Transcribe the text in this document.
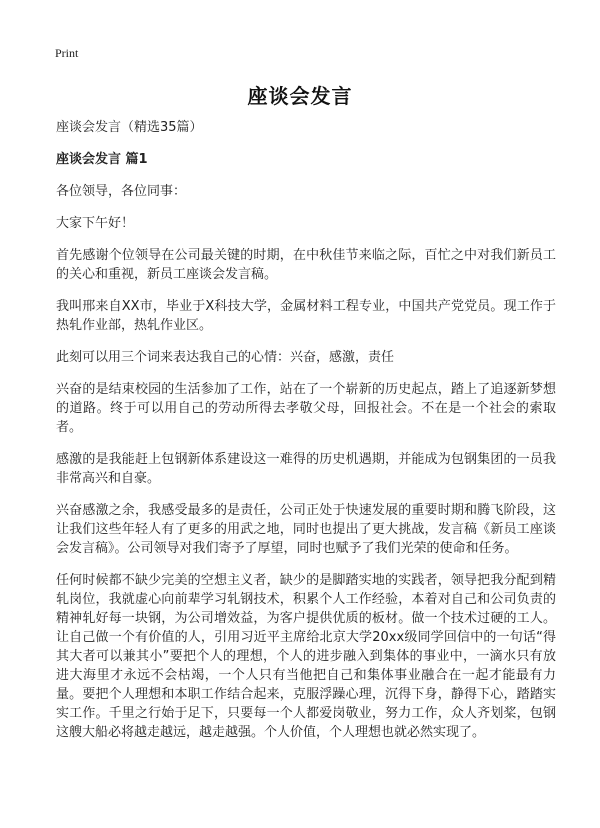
Print
座谈会发言

座谈会发言（精选35篇）

座谈会发言 篇1

各位领导，各位同事：

大家下午好！

首先感谢个位领导在公司最关键的时期，在中秋佳节来临之际，百忙之中对我们新员工的关心和重视，新员工座谈会发言稿。

我叫邢来自XX市，毕业于X科技大学，金属材料工程专业，中国共产党党员。现工作于热轧作业部，热轧作业区。

此刻可以用三个词来表达我自己的心情：兴奋，感激，责任

兴奋的是结束校园的生活参加了工作，站在了一个崭新的历史起点，踏上了追逐新梦想的道路。终于可以用自己的劳动所得去孝敬父母，回报社会。不在是一个社会的索取者。

感激的是我能赶上包钢新体系建设这一难得的历史机遇期，并能成为包钢集团的一员我非常高兴和自豪。

兴奋感激之余，我感受最多的是责任，公司正处于快速发展的重要时期和腾飞阶段，这让我们这些年轻人有了更多的用武之地，同时也提出了更大挑战，发言稿《新员工座谈会发言稿》。公司领导对我们寄予了厚望，同时也赋予了我们光荣的使命和任务。

任何时候都不缺少完美的空想主义者，缺少的是脚踏实地的实践者，领导把我分配到精轧岗位，我就虚心向前辈学习轧钢技术，积累个人工作经验，本着对自己和公司负责的精神轧好每一块钢，为公司增效益，为客户提供优质的板材。做一个技术过硬的工人。让自己做一个有价值的人，引用习近平主席给北京大学20xx级同学回信中的一句话“得其大者可以兼其小”要把个人的理想，个人的进步融入到集体的事业中，一滴水只有放进大海里才永远不会枯竭，一个人只有当他把自己和集体事业融合在一起才能最有力量。要把个人理想和本职工作结合起来，克服浮躁心理，沉得下身，静得下心，踏踏实实工作。千里之行始于足下，只要每一个人都爱岗敬业，努力工作，众人齐划桨，包钢这艘大船必将越走越远，越走越强。个人价值，个人理想也就必然实现了。
